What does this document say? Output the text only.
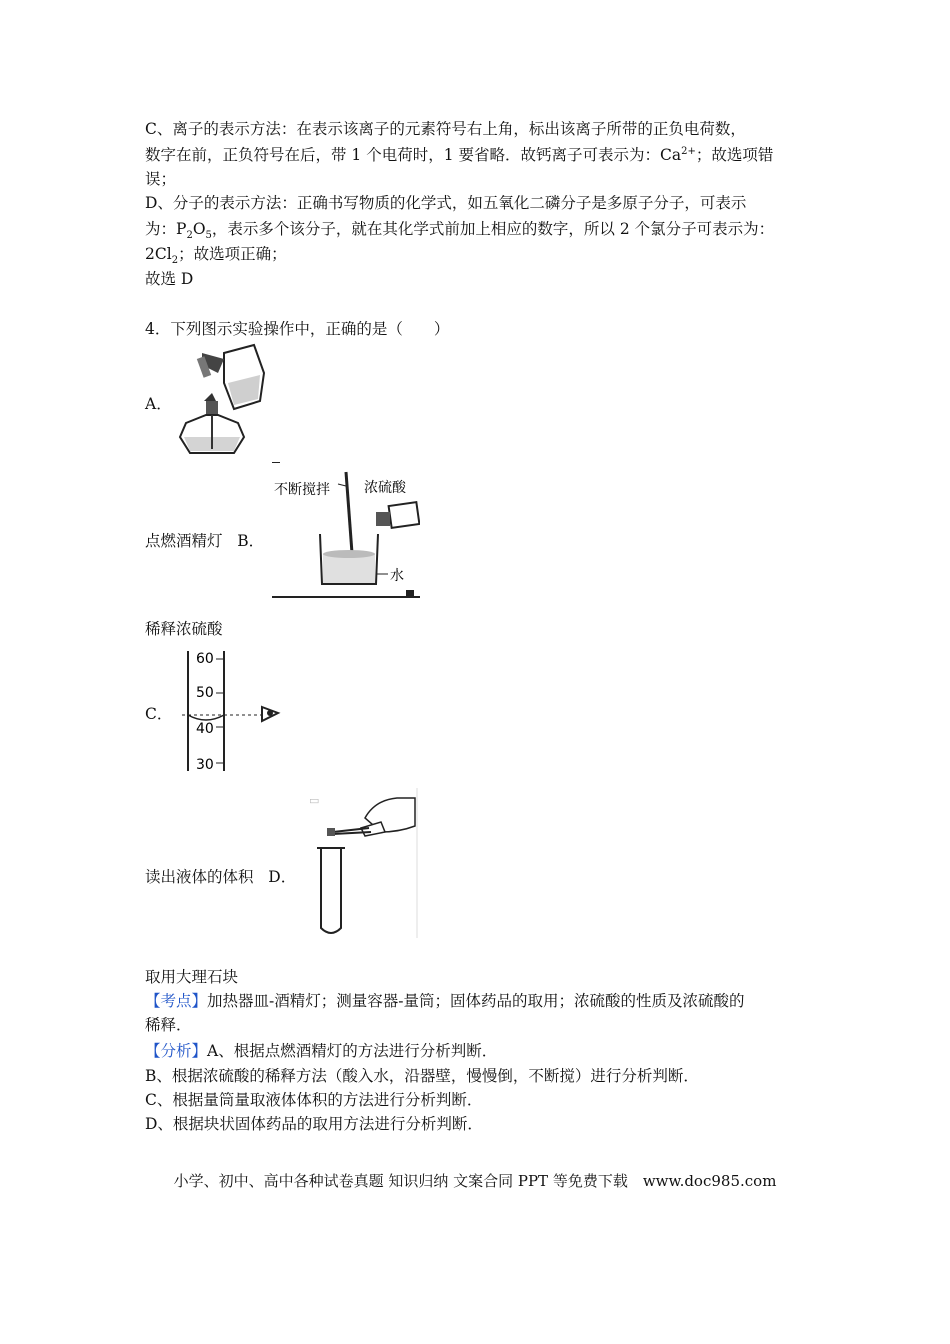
C、离子的表示方法：在表示该离子的元素符号右上角，标出该离子所带的正负电荷数，
数字在前，正负符号在后，带 1 个电荷时，1 要省略．故钙离子可表示为：$Ca^{2+}$；故选项错
误；
D、分子的表示方法：正确书写物质的化学式，如五氧化二磷分子是多原子分子，可表示
为：$P_2O_5$，表示多个该分子，就在其化学式前加上相应的数字，所以 2 个氯分子可表示为：
$2Cl_2$；故选项正确；
故选 D
4．下列图示实验操作中，正确的是（　　）
A．
点燃酒精灯 B．
不断搅拌 浓硫酸
水
稀释浓硫酸
C．
60
50
40
30
读出液体的体积 D．
▭
取用大理石块
【考点】加热器皿-酒精灯；测量容器-量筒；固体药品的取用；浓硫酸的性质及浓硫酸的
稀释．
【分析】A、根据点燃酒精灯的方法进行分析判断．
B、根据浓硫酸的稀释方法（酸入水，沿器壁，慢慢倒，不断搅）进行分析判断．
C、根据量筒量取液体体积的方法进行分析判断．
D、根据块状固体药品的取用方法进行分析判断．
小学、初中、高中各种试卷真题 知识归纳 文案合同 PPT 等免费下载　www.doc985.com
